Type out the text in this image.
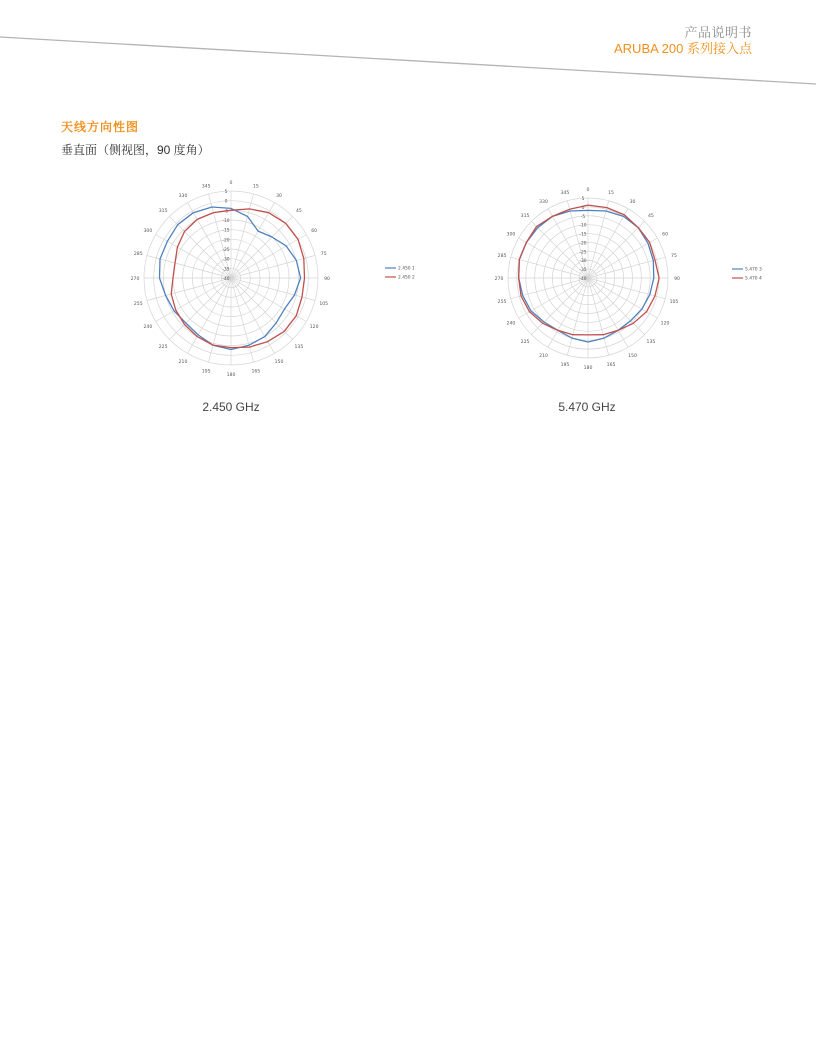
产品说明书
ARUBA 200 系列接入点
天线方向性图
垂直面（侧视图，90 度角）
0
15
30
45
60
75
90
105
120
135
150
165
180
195
210
225
240
255
270
285
300
315
330
345
5
0
-5
-10
-15
-20
-25
-30
-35
-40
2.450 1
2.450 2
2.450 GHz
0
15
30
45
60
75
90
105
120
135
150
165
180
195
210
225
240
255
270
285
300
315
330
345
5
0
-5
-10
-15
-20
-25
-30
-35
-40
5.470 3
5.470 4
5.470 GHz
